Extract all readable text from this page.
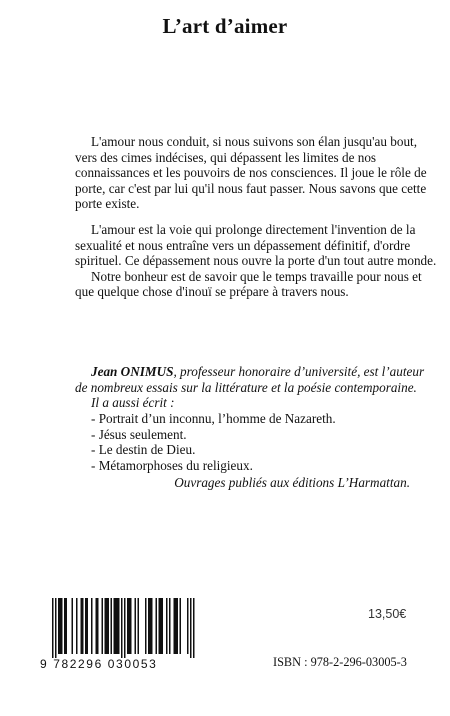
L’art d’aimer

L'amour nous conduit, si nous suivons son élan jusqu'au bout,
vers des cimes indécises, qui dépassent les limites de nos
connaissances et les pouvoirs de nos consciences. Il joue le rôle de
porte, car c'est par lui qu'il nous faut passer. Nous savons que cette
porte existe.

L'amour est la voie qui prolonge directement l'invention de la
sexualité et nous entraîne vers un dépassement définitif, d'ordre
spirituel. Ce dépassement nous ouvre la porte d'un tout autre monde.
Notre bonheur est de savoir que le temps travaille pour nous et
que quelque chose d'inouï se prépare à travers nous.

Jean ONIMUS, professeur honoraire d’université, est l’auteur
de nombreux essais sur la littérature et la poésie contemporaine.
Il a aussi écrit :

- Portrait d’un inconnu, l’homme de Nazareth.
- Jésus seulement.
- Le destin de Dieu.
- Métamorphoses du religieux.

Ouvrages publiés aux éditions L’Harmattan.

13,50€
9 782296 030053	ISBN : 978-2-296-03005-3
